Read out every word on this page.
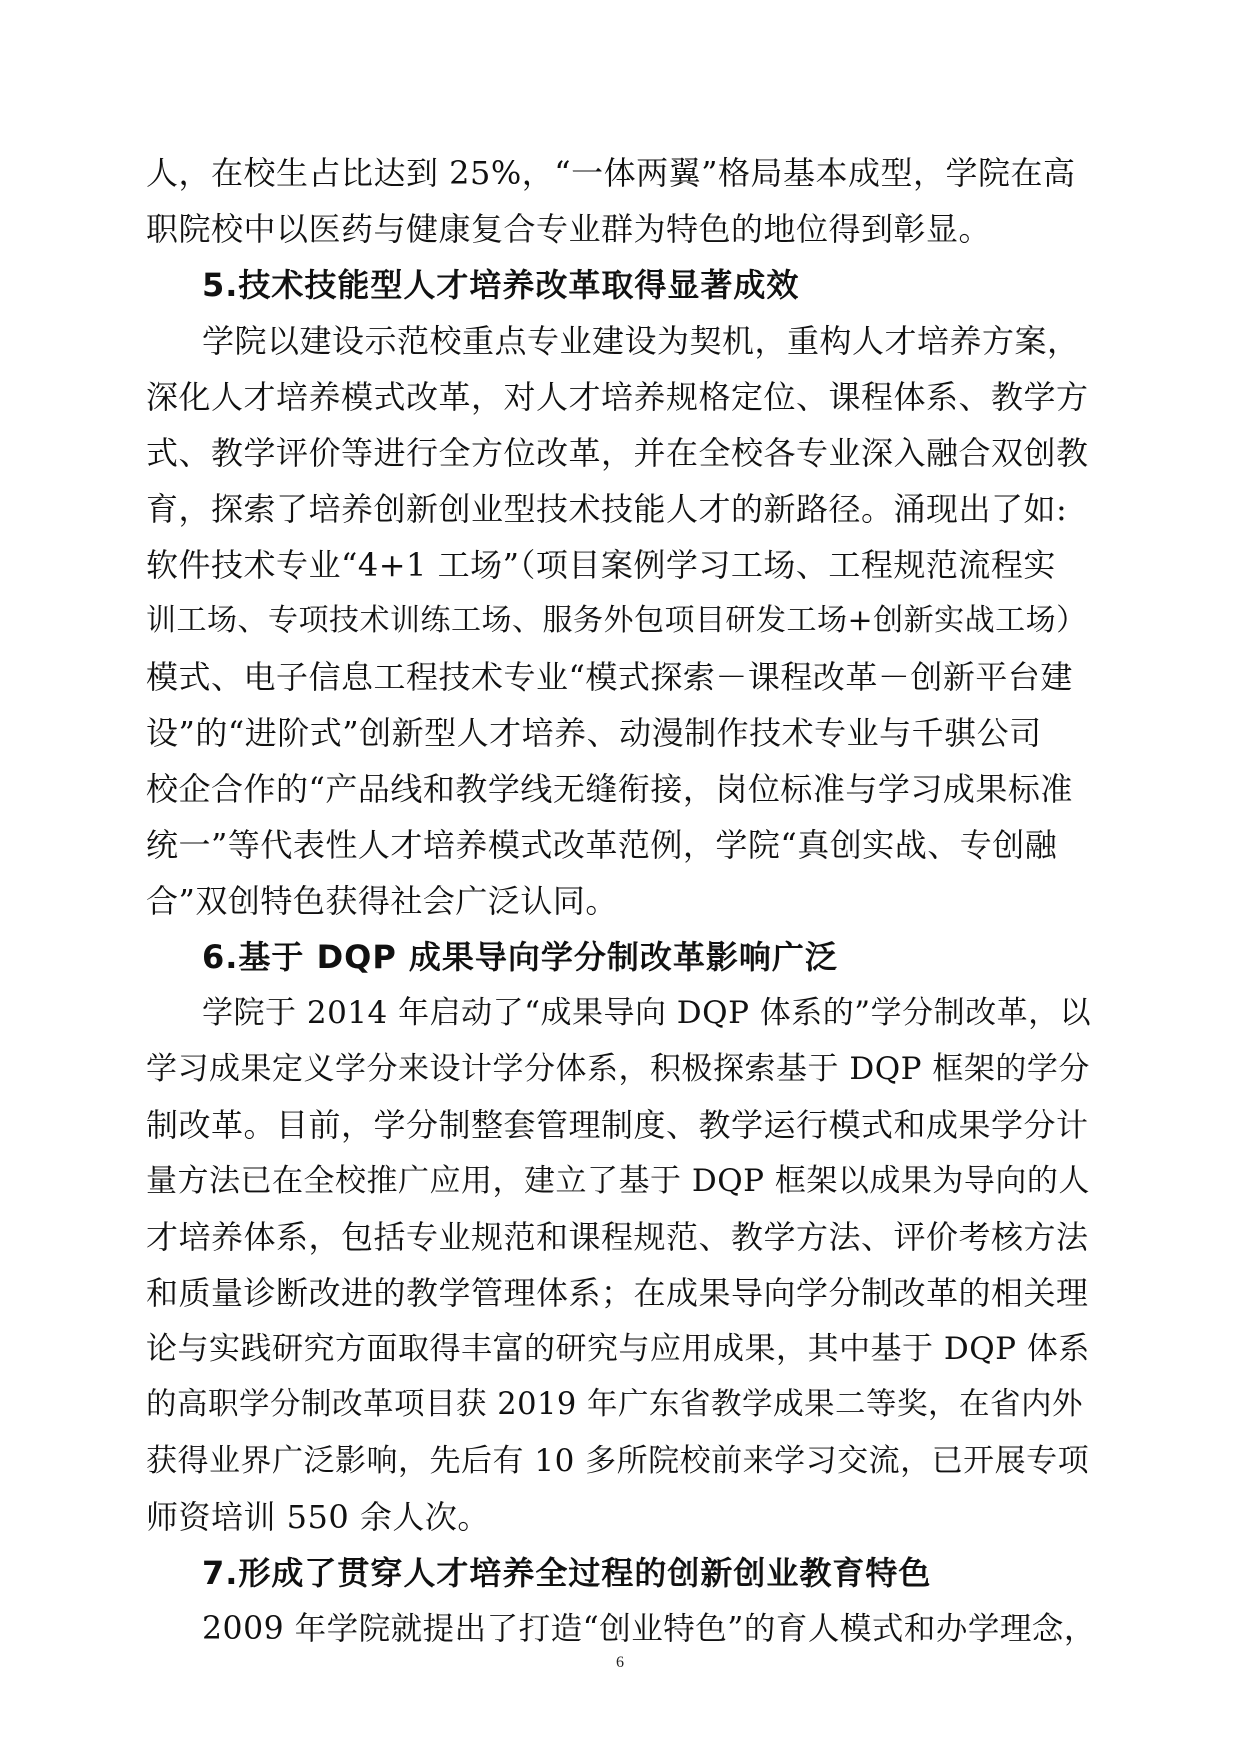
人，在校生占比达到 25%，“一体两翼”格局基本成型，学院在高

职院校中以医药与健康复合专业群为特色的地位得到彰显。

5.技术技能型人才培养改革取得显著成效

学院以建设示范校重点专业建设为契机，重构人才培养方案，

深化人才培养模式改革，对人才培养规格定位、课程体系、教学方

式、教学评价等进行全方位改革，并在全校各专业深入融合双创教

育，探索了培养创新创业型技术技能人才的新路径。涌现出了如:

软件技术专业“4+1 工场”（项目案例学习工场、工程规范流程实

训工场、专项技术训练工场、服务外包项目研发工场+创新实战工场）

模式、电子信息工程技术专业“模式探索－课程改革－创新平台建

设”的“进阶式”创新型人才培养、动漫制作技术专业与千骐公司

校企合作的“产品线和教学线无缝衔接，岗位标准与学习成果标准

统一”等代表性人才培养模式改革范例，学院“真创实战、专创融

合”双创特色获得社会广泛认同。

6.基于 DQP 成果导向学分制改革影响广泛

学院于 2014 年启动了“成果导向 DQP 体系的”学分制改革，以

学习成果定义学分来设计学分体系，积极探索基于 DQP 框架的学分

制改革。目前，学分制整套管理制度、教学运行模式和成果学分计

量方法已在全校推广应用，建立了基于 DQP 框架以成果为导向的人

才培养体系，包括专业规范和课程规范、教学方法、评价考核方法

和质量诊断改进的教学管理体系；在成果导向学分制改革的相关理

论与实践研究方面取得丰富的研究与应用成果，其中基于 DQP 体系

的高职学分制改革项目获 2019 年广东省教学成果二等奖，在省内外

获得业界广泛影响，先后有 10 多所院校前来学习交流，已开展专项

师资培训 550 余人次。

7.形成了贯穿人才培养全过程的创新创业教育特色

2009 年学院就提出了打造“创业特色”的育人模式和办学理念，

6
